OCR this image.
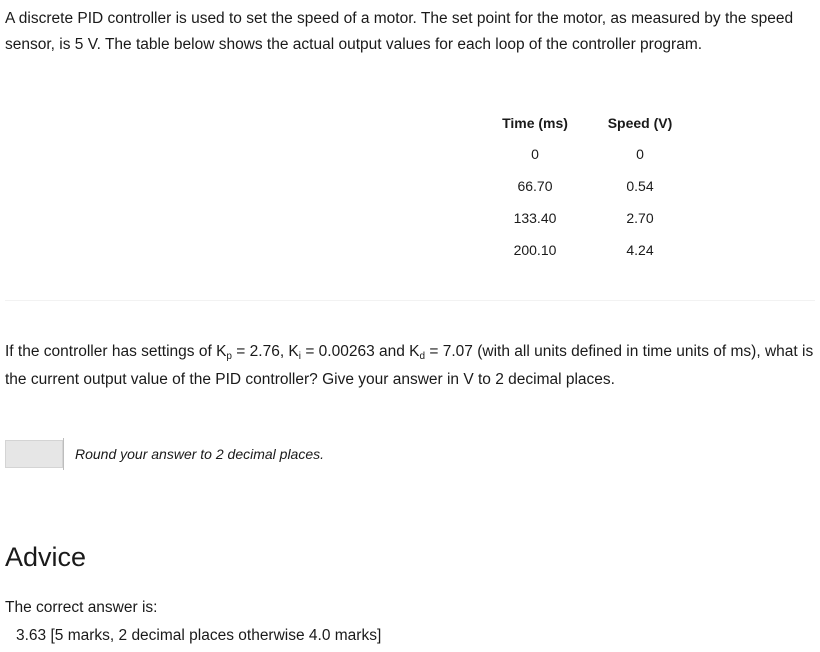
A discrete PID controller is used to set the speed of a motor. The set point for the motor, as measured by the speed sensor, is 5 V. The table below shows the actual output values for each loop of the controller program.

Time (ms)	Speed (V)
0	0
66.70	0.54
133.40	2.70
200.10	4.24

If the controller has settings of $K_p = 2.76$, $K_i = 0.00263$ and $K_d = 7.07$ (with all units defined in time units of ms), what is the current output value of the PID controller? Give your answer in V to 2 decimal places.

Round your answer to 2 decimal places.
Advice
The correct answer is:
3.63 [5 marks, 2 decimal places otherwise 4.0 marks]
